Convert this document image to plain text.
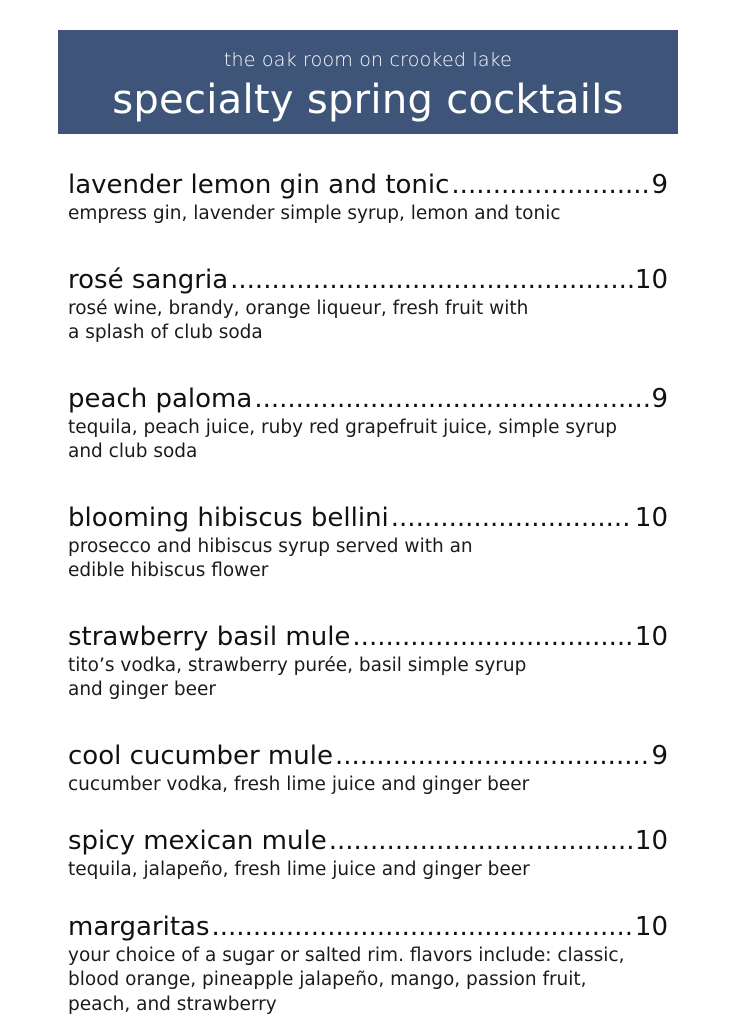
the oak room on crooked lake
specialty spring cocktails
lavender lemon gin and tonic .....	9
empress gin, lavender simple syrup, lemon and tonic
rosé sangria .....	10
rosé wine, brandy, orange liqueur, fresh fruit with
a splash of club soda
peach paloma .....	9
tequila, peach juice, ruby red grapefruit juice, simple syrup
and club soda
blooming hibiscus bellini .....	10
prosecco and hibiscus syrup served with an
edible hibiscus flower
strawberry basil mule .....	10
tito’s vodka, strawberry purée, basil simple syrup
and ginger beer
cool cucumber mule .....	9
cucumber vodka, fresh lime juice and ginger beer
spicy mexican mule .....	10
tequila, jalapeño, fresh lime juice and ginger beer
margaritas .....	10
your choice of a sugar or salted rim. flavors include: classic,
blood orange, pineapple jalapeño, mango, passion fruit,
peach, and strawberry
